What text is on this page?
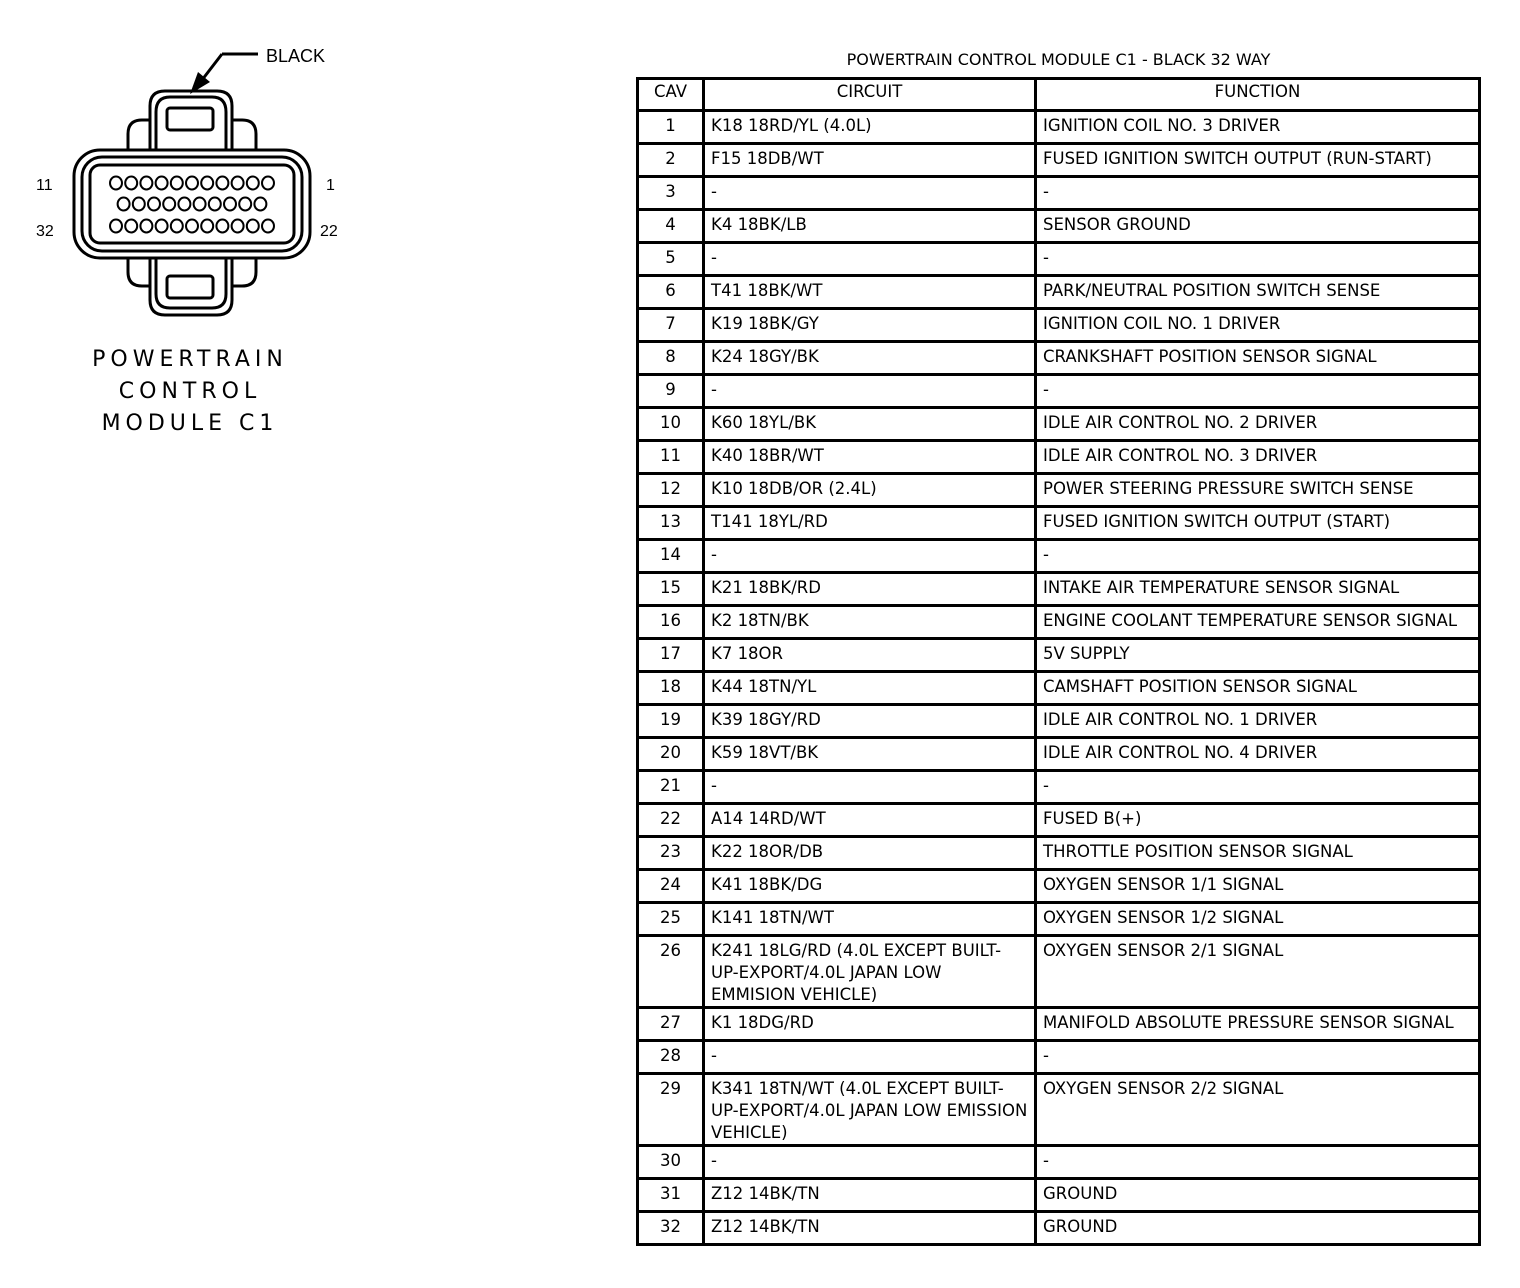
BLACK
11	1
32	22
POWERTRAIN
CONTROL
MODULE C1
POWERTRAIN CONTROL MODULE C1 - BLACK 32 WAY
CAV	CIRCUIT	FUNCTION
1	K18 18RD/YL (4.0L)	IGNITION COIL NO. 3 DRIVER
2	F15 18DB/WT	FUSED IGNITION SWITCH OUTPUT (RUN-START)
3	-	-
4	K4 18BK/LB	SENSOR GROUND
5	-	-
6	T41 18BK/WT	PARK/NEUTRAL POSITION SWITCH SENSE
7	K19 18BK/GY	IGNITION COIL NO. 1 DRIVER
8	K24 18GY/BK	CRANKSHAFT POSITION SENSOR SIGNAL
9	-	-
10	K60 18YL/BK	IDLE AIR CONTROL NO. 2 DRIVER
11	K40 18BR/WT	IDLE AIR CONTROL NO. 3 DRIVER
12	K10 18DB/OR (2.4L)	POWER STEERING PRESSURE SWITCH SENSE
13	T141 18YL/RD	FUSED IGNITION SWITCH OUTPUT (START)
14	-	-
15	K21 18BK/RD	INTAKE AIR TEMPERATURE SENSOR SIGNAL
16	K2 18TN/BK	ENGINE COOLANT TEMPERATURE SENSOR SIGNAL
17	K7 18OR	5V SUPPLY
18	K44 18TN/YL	CAMSHAFT POSITION SENSOR SIGNAL
19	K39 18GY/RD	IDLE AIR CONTROL NO. 1 DRIVER
20	K59 18VT/BK	IDLE AIR CONTROL NO. 4 DRIVER
21	-	-
22	A14 14RD/WT	FUSED B(+)
23	K22 18OR/DB	THROTTLE POSITION SENSOR SIGNAL
24	K41 18BK/DG	OXYGEN SENSOR 1/1 SIGNAL
25	K141 18TN/WT	OXYGEN SENSOR 1/2 SIGNAL
26	K241 18LG/RD (4.0L EXCEPT BUILT-UP-EXPORT/4.0L JAPAN LOW EMMISION VEHICLE)	OXYGEN SENSOR 2/1 SIGNAL
27	K1 18DG/RD	MANIFOLD ABSOLUTE PRESSURE SENSOR SIGNAL
28	-	-
29	K341 18TN/WT (4.0L EXCEPT BUILT-UP-EXPORT/4.0L JAPAN LOW EMISSION VEHICLE)	OXYGEN SENSOR 2/2 SIGNAL
30	-	-
31	Z12 14BK/TN	GROUND
32	Z12 14BK/TN	GROUND
